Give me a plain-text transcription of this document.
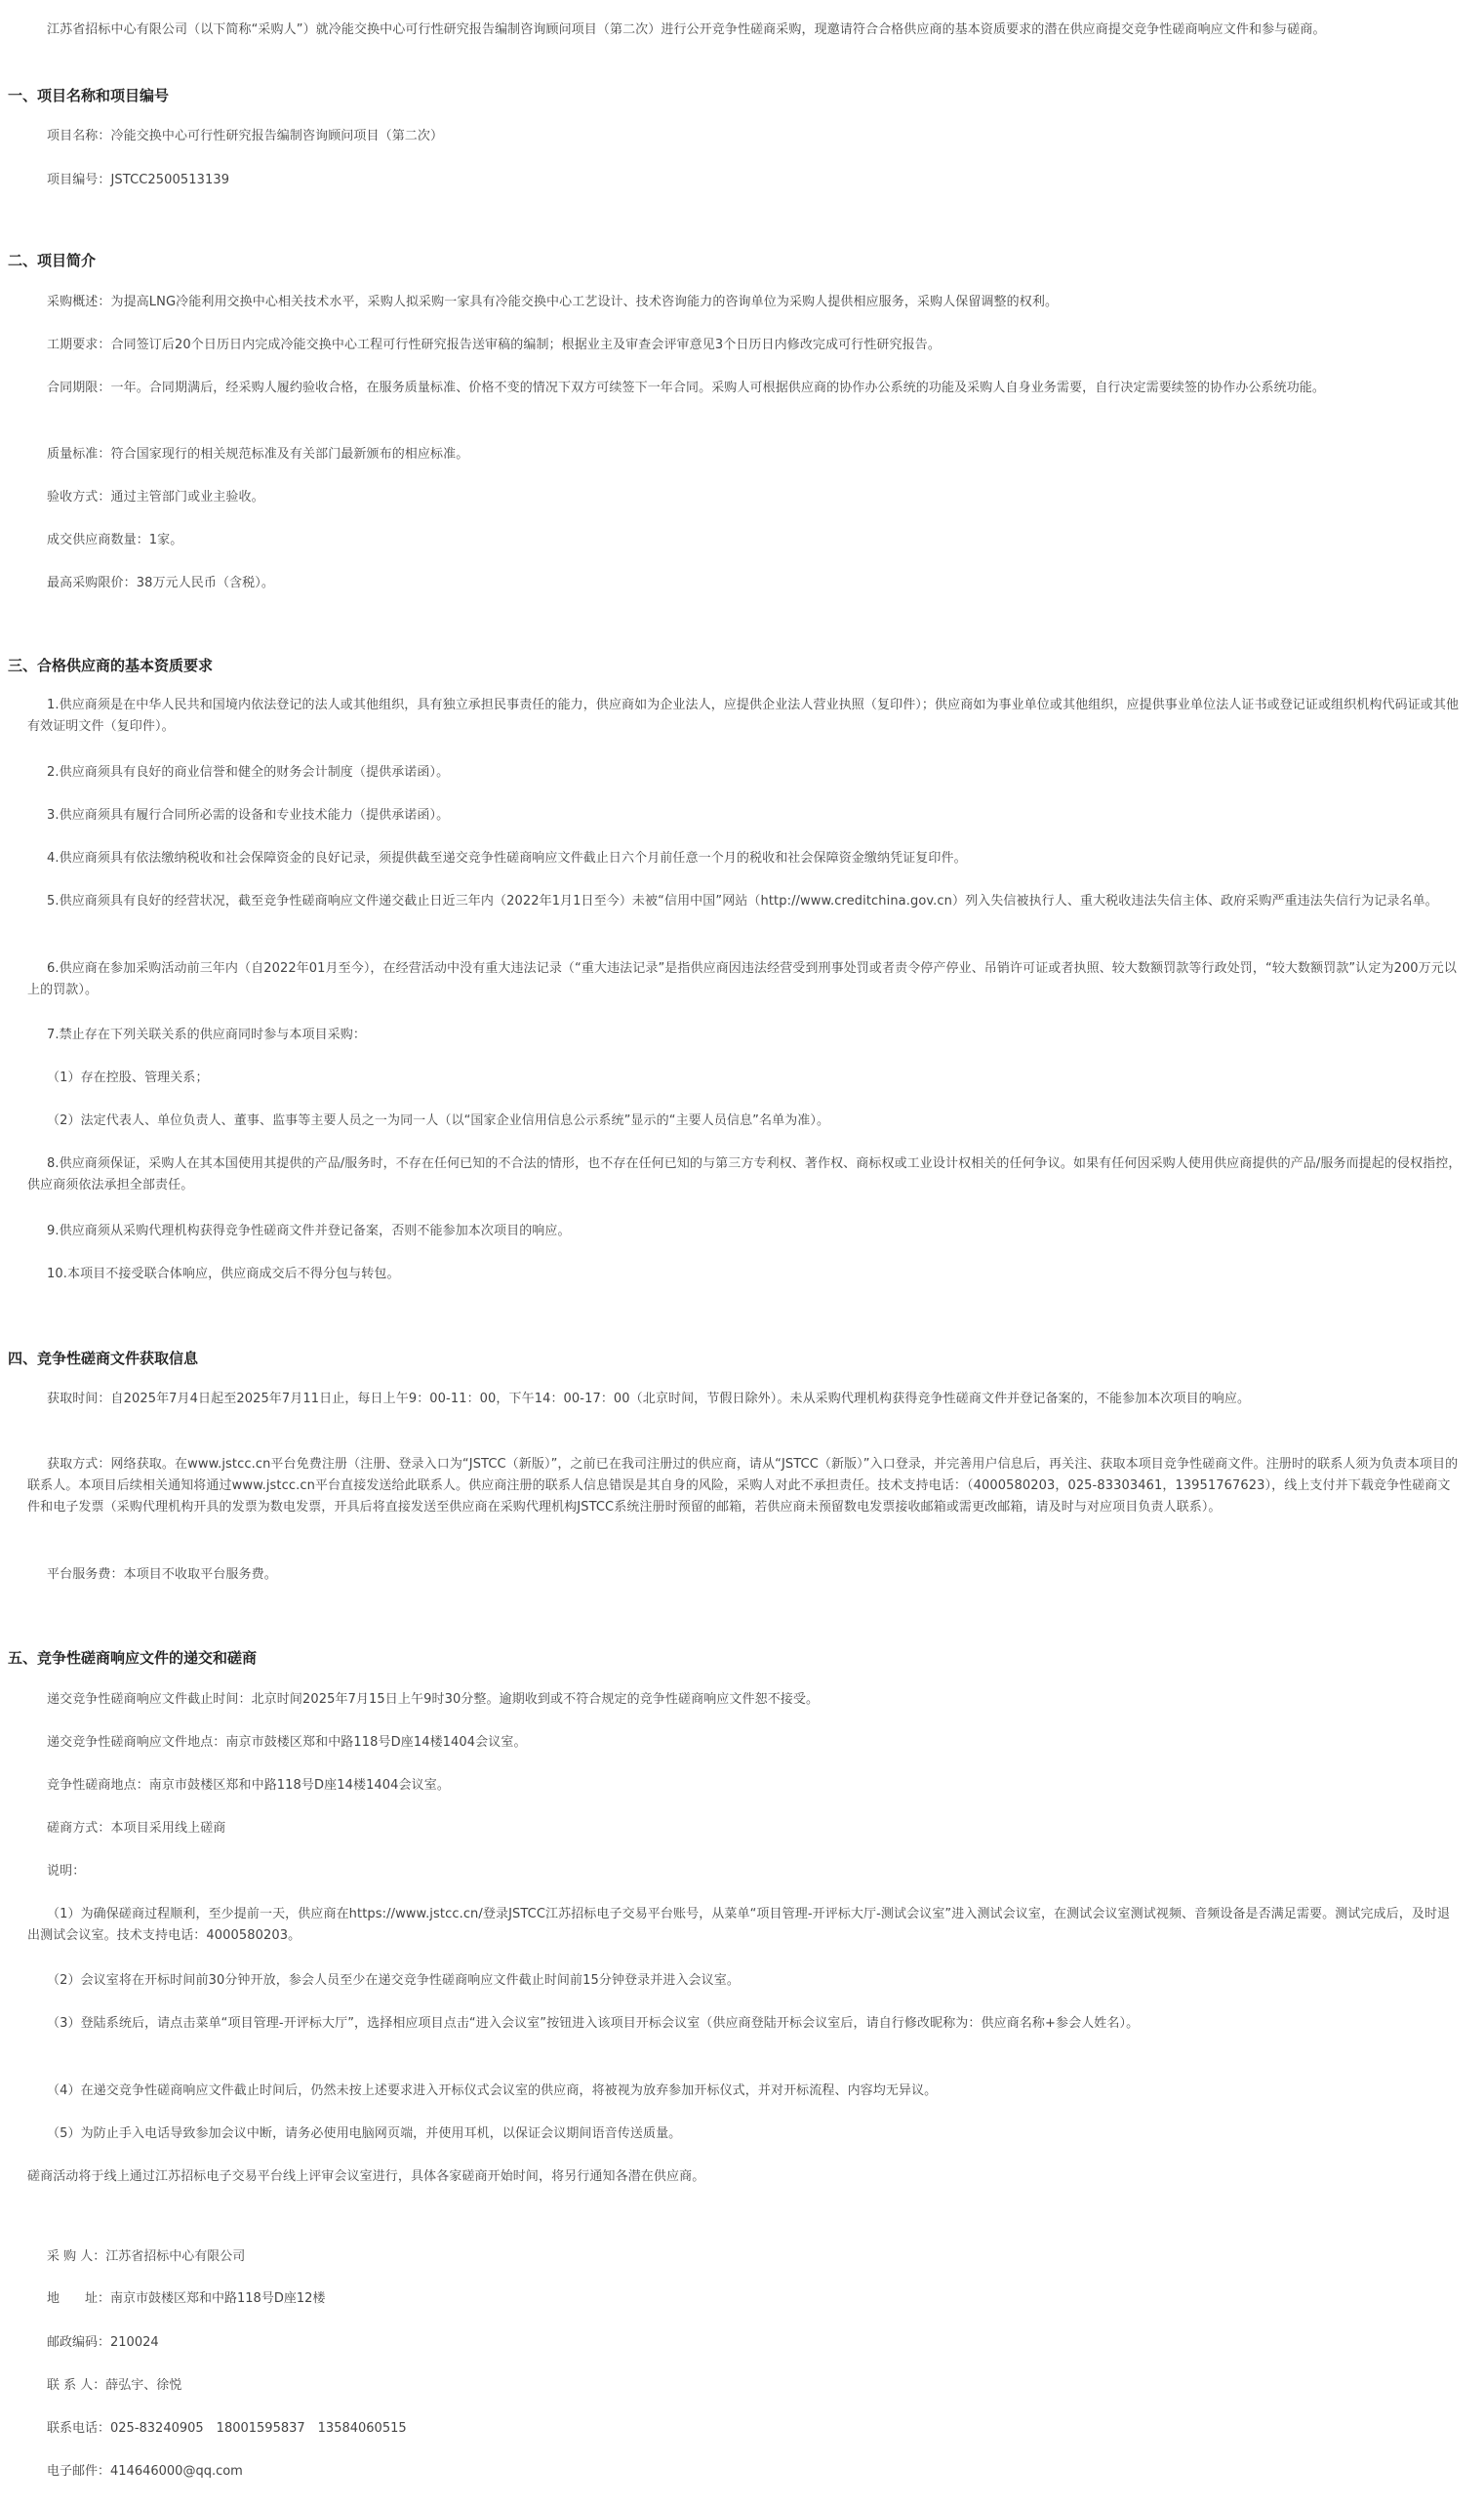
江苏省招标中心有限公司（以下简称“采购人”）就冷能交换中心可行性研究报告编制咨询顾问项目（第二次）进行公开竞争性磋商采购，现邀请符合合格供应商的基本资质要求的潜在供应商提交竞争性磋商响应文件和参与磋商。
一、项目名称和项目编号
项目名称：冷能交换中心可行性研究报告编制咨询顾问项目（第二次）
项目编号：JSTCC2500513139
二、项目简介
采购概述：为提高LNG冷能利用交换中心相关技术水平，采购人拟采购一家具有冷能交换中心工艺设计、技术咨询能力的咨询单位为采购人提供相应服务，采购人保留调整的权利。
工期要求：合同签订后20个日历日内完成冷能交换中心工程可行性研究报告送审稿的编制；根据业主及审查会评审意见3个日历日内修改完成可行性研究报告。
合同期限：一年。合同期满后，经采购人履约验收合格，在服务质量标准、价格不变的情况下双方可续签下一年合同。采购人可根据供应商的协作办公系统的功能及采购人自身业务需要，自行决定需要续签的协作办公系统功能。
质量标准：符合国家现行的相关规范标准及有关部门最新颁布的相应标准。
验收方式：通过主管部门或业主验收。
成交供应商数量：1家。
最高采购限价：38万元人民币（含税）。
三、合格供应商的基本资质要求
1.供应商须是在中华人民共和国境内依法登记的法人或其他组织，具有独立承担民事责任的能力，供应商如为企业法人，应提供企业法人营业执照（复印件）；供应商如为事业单位或其他组织，应提供事业单位法人证书或登记证或组织机构代码证或其他有效证明文件（复印件）。
2.供应商须具有良好的商业信誉和健全的财务会计制度（提供承诺函）。
3.供应商须具有履行合同所必需的设备和专业技术能力（提供承诺函）。
4.供应商须具有依法缴纳税收和社会保障资金的良好记录，须提供截至递交竞争性磋商响应文件截止日六个月前任意一个月的税收和社会保障资金缴纳凭证复印件。
5.供应商须具有良好的经营状况，截至竞争性磋商响应文件递交截止日近三年内（2022年1月1日至今）未被“信用中国”网站（http://www.creditchina.gov.cn）列入失信被执行人、重大税收违法失信主体、政府采购严重违法失信行为记录名单。
6.供应商在参加采购活动前三年内（自2022年01月至今），在经营活动中没有重大违法记录（“重大违法记录”是指供应商因违法经营受到刑事处罚或者责令停产停业、吊销许可证或者执照、较大数额罚款等行政处罚，“较大数额罚款”认定为200万元以上的罚款）。
7.禁止存在下列关联关系的供应商同时参与本项目采购：
（1）存在控股、管理关系；
（2）法定代表人、单位负责人、董事、监事等主要人员之一为同一人（以“国家企业信用信息公示系统”显示的“主要人员信息”名单为准）。
8.供应商须保证，采购人在其本国使用其提供的产品/服务时，不存在任何已知的不合法的情形，也不存在任何已知的与第三方专利权、著作权、商标权或工业设计权相关的任何争议。如果有任何因采购人使用供应商提供的产品/服务而提起的侵权指控，供应商须依法承担全部责任。
9.供应商须从采购代理机构获得竞争性磋商文件并登记备案，否则不能参加本次项目的响应。
10.本项目不接受联合体响应，供应商成交后不得分包与转包。
四、竞争性磋商文件获取信息
获取时间：自2025年7月4日起至2025年7月11日止，每日上午9：00-11：00，下午14：00-17：00（北京时间，节假日除外）。未从采购代理机构获得竞争性磋商文件并登记备案的，不能参加本次项目的响应。
获取方式：网络获取。在www.jstcc.cn平台免费注册（注册、登录入口为“JSTCC（新版）”，之前已在我司注册过的供应商，请从“JSTCC（新版）”入口登录，并完善用户信息后，再关注、获取本项目竞争性磋商文件。注册时的联系人须为负责本项目的联系人。本项目后续相关通知将通过www.jstcc.cn平台直接发送给此联系人。供应商注册的联系人信息错误是其自身的风险，采购人对此不承担责任。技术支持电话：（4000580203，025-83303461，13951767623），线上支付并下载竞争性磋商文件和电子发票（采购代理机构开具的发票为数电发票，开具后将直接发送至供应商在采购代理机构JSTCC系统注册时预留的邮箱，若供应商未预留数电发票接收邮箱或需更改邮箱，请及时与对应项目负责人联系）。
平台服务费：本项目不收取平台服务费。
五、竞争性磋商响应文件的递交和磋商
递交竞争性磋商响应文件截止时间：北京时间2025年7月15日上午9时30分整。逾期收到或不符合规定的竞争性磋商响应文件恕不接受。
递交竞争性磋商响应文件地点：南京市鼓楼区郑和中路118号D座14楼1404会议室。
竞争性磋商地点：南京市鼓楼区郑和中路118号D座14楼1404会议室。
磋商方式：本项目采用线上磋商
说明：
（1）为确保磋商过程顺利，至少提前一天，供应商在https://www.jstcc.cn/登录JSTCC江苏招标电子交易平台账号，从菜单“项目管理-开评标大厅-测试会议室”进入测试会议室，在测试会议室测试视频、音频设备是否满足需要。测试完成后，及时退出测试会议室。技术支持电话：4000580203。
（2）会议室将在开标时间前30分钟开放，参会人员至少在递交竞争性磋商响应文件截止时间前15分钟登录并进入会议室。
（3）登陆系统后，请点击菜单“项目管理-开评标大厅”，选择相应项目点击“进入会议室”按钮进入该项目开标会议室（供应商登陆开标会议室后，请自行修改昵称为：供应商名称+参会人姓名）。
（4）在递交竞争性磋商响应文件截止时间后，仍然未按上述要求进入开标仪式会议室的供应商，将被视为放弃参加开标仪式，并对开标流程、内容均无异议。
（5）为防止手入电话导致参加会议中断，请务必使用电脑网页端，并使用耳机，以保证会议期间语音传送质量。
磋商活动将于线上通过江苏招标电子交易平台线上评审会议室进行，具体各家磋商开始时间，将另行通知各潜在供应商。
采 购 人：江苏省招标中心有限公司
地　　址：南京市鼓楼区郑和中路118号D座12楼
邮政编码：210024
联 系 人：薛弘宇、徐悦
联系电话：025-83240905　18001595837　13584060515
电子邮件：414646000@qq.com
